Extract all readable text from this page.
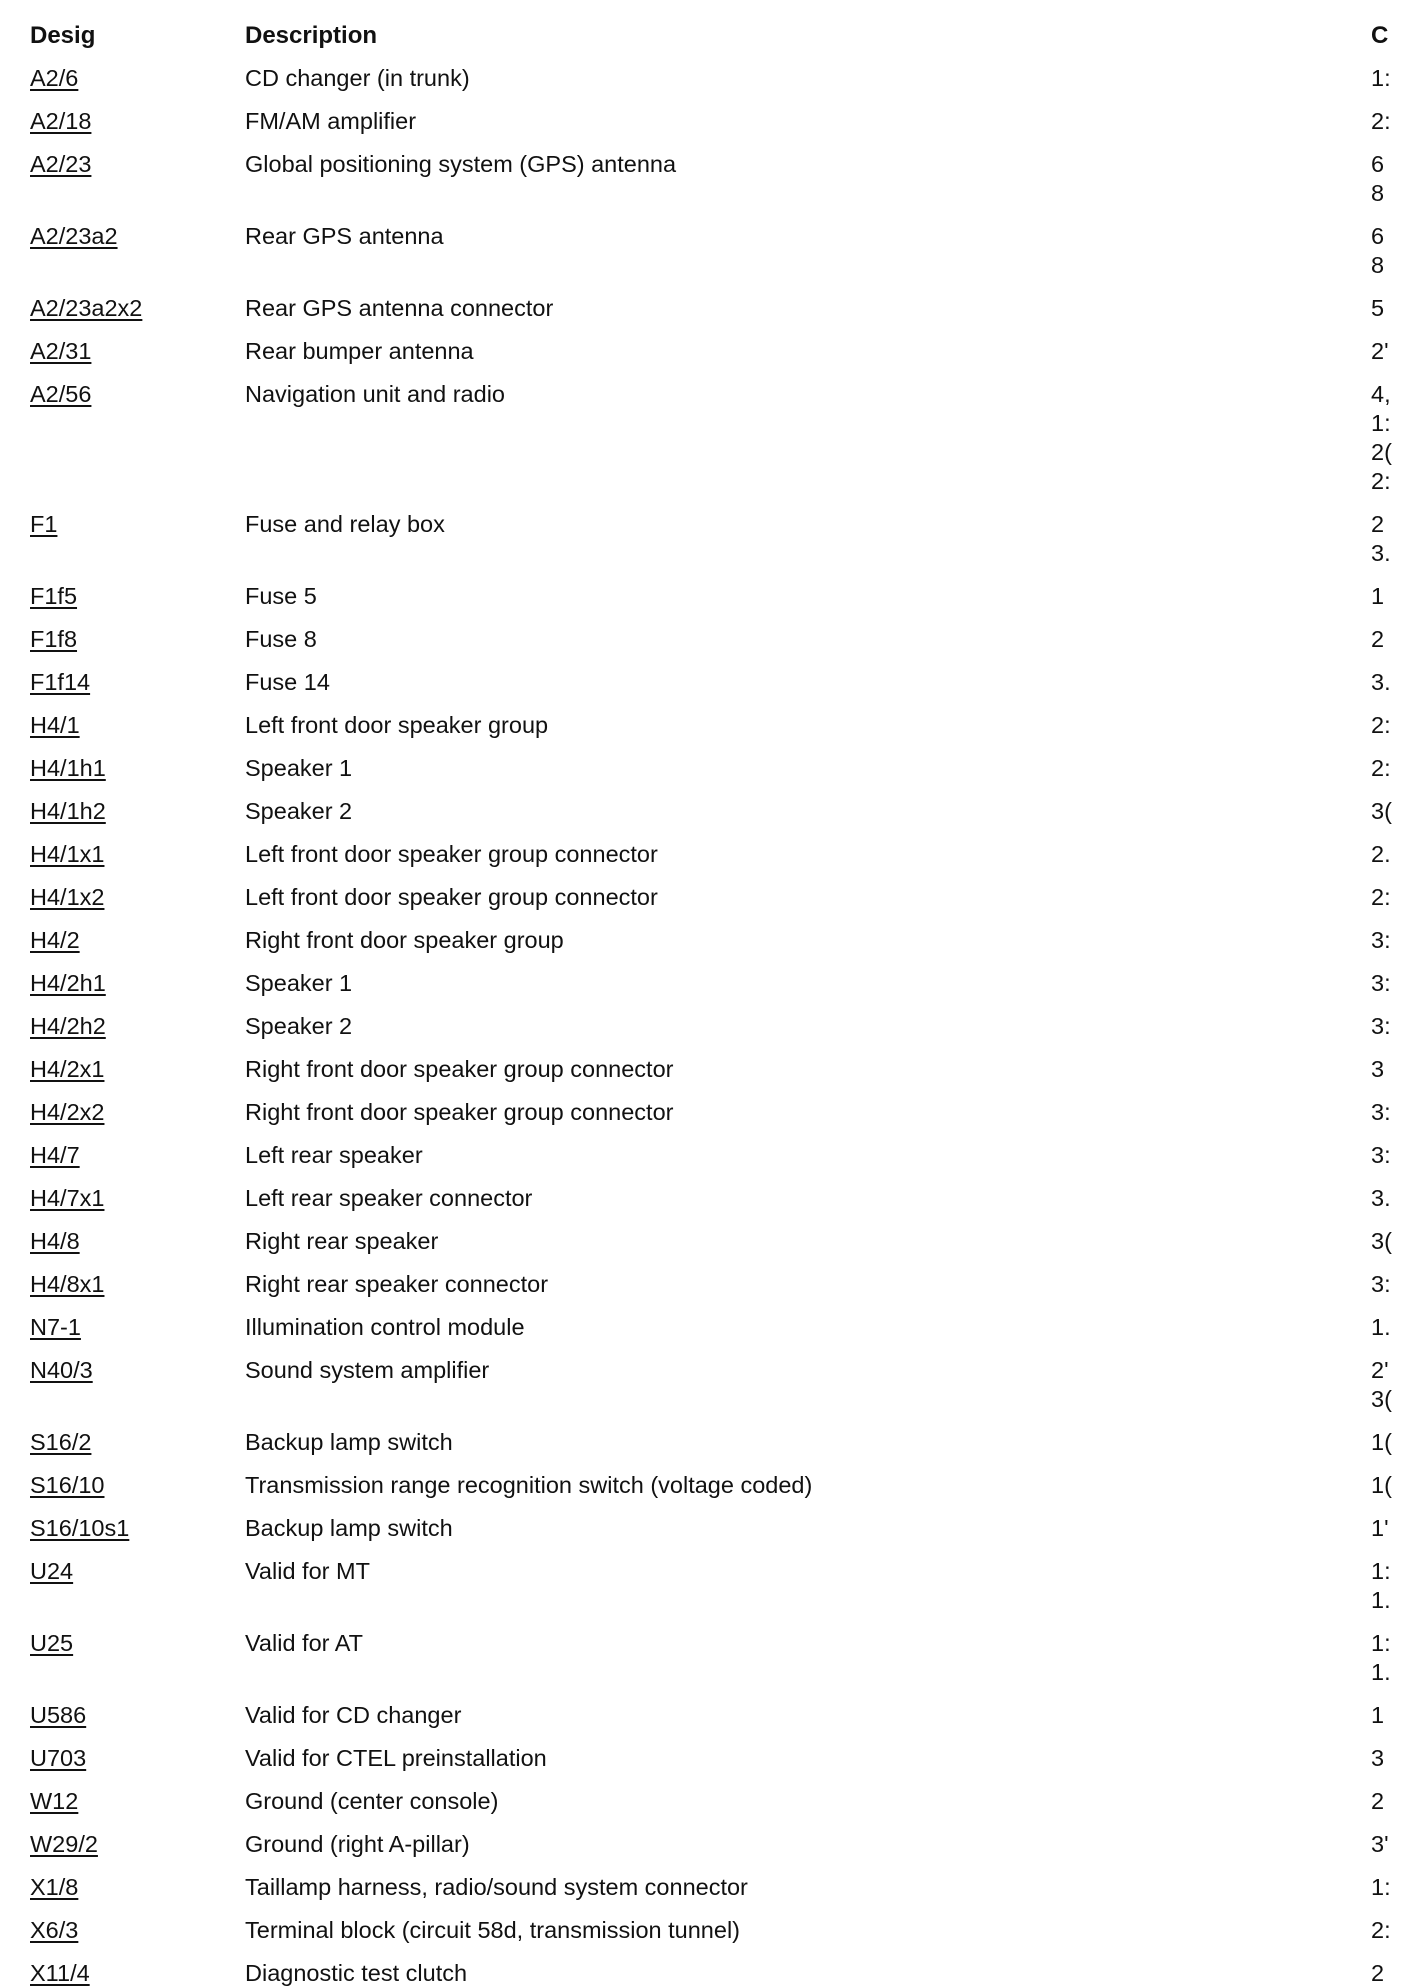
Desig	Description	C
A2/6	CD changer (in trunk)	1:
A2/18	FM/AM amplifier	2:
A2/23	Global positioning system (GPS) antenna	6
8
A2/23a2	Rear GPS antenna	6
8
A2/23a2x2	Rear GPS antenna connector	5
A2/31	Rear bumper antenna	2'
A2/56	Navigation unit and radio	4,
1:
2(
2:
F1	Fuse and relay box	2
3.
F1f5	Fuse 5	1
F1f8	Fuse 8	2
F1f14	Fuse 14	3.
H4/1	Left front door speaker group	2:
H4/1h1	Speaker 1	2:
H4/1h2	Speaker 2	3(
H4/1x1	Left front door speaker group connector	2.
H4/1x2	Left front door speaker group connector	2:
H4/2	Right front door speaker group	3:
H4/2h1	Speaker 1	3:
H4/2h2	Speaker 2	3:
H4/2x1	Right front door speaker group connector	3
H4/2x2	Right front door speaker group connector	3:
H4/7	Left rear speaker	3:
H4/7x1	Left rear speaker connector	3.
H4/8	Right rear speaker	3(
H4/8x1	Right rear speaker connector	3:
N7-1	Illumination control module	1.
N40/3	Sound system amplifier	2'
3(
S16/2	Backup lamp switch	1(
S16/10	Transmission range recognition switch (voltage coded)	1(
S16/10s1	Backup lamp switch	1'
U24	Valid for MT	1:
1.
U25	Valid for AT	1:
1.
U586	Valid for CD changer	1
U703	Valid for CTEL preinstallation	3
W12	Ground (center console)	2
W29/2	Ground (right A-pillar)	3'
X1/8	Taillamp harness, radio/sound system connector	1:
X6/3	Terminal block (circuit 58d, transmission tunnel)	2:
X11/4	Diagnostic test clutch	2
